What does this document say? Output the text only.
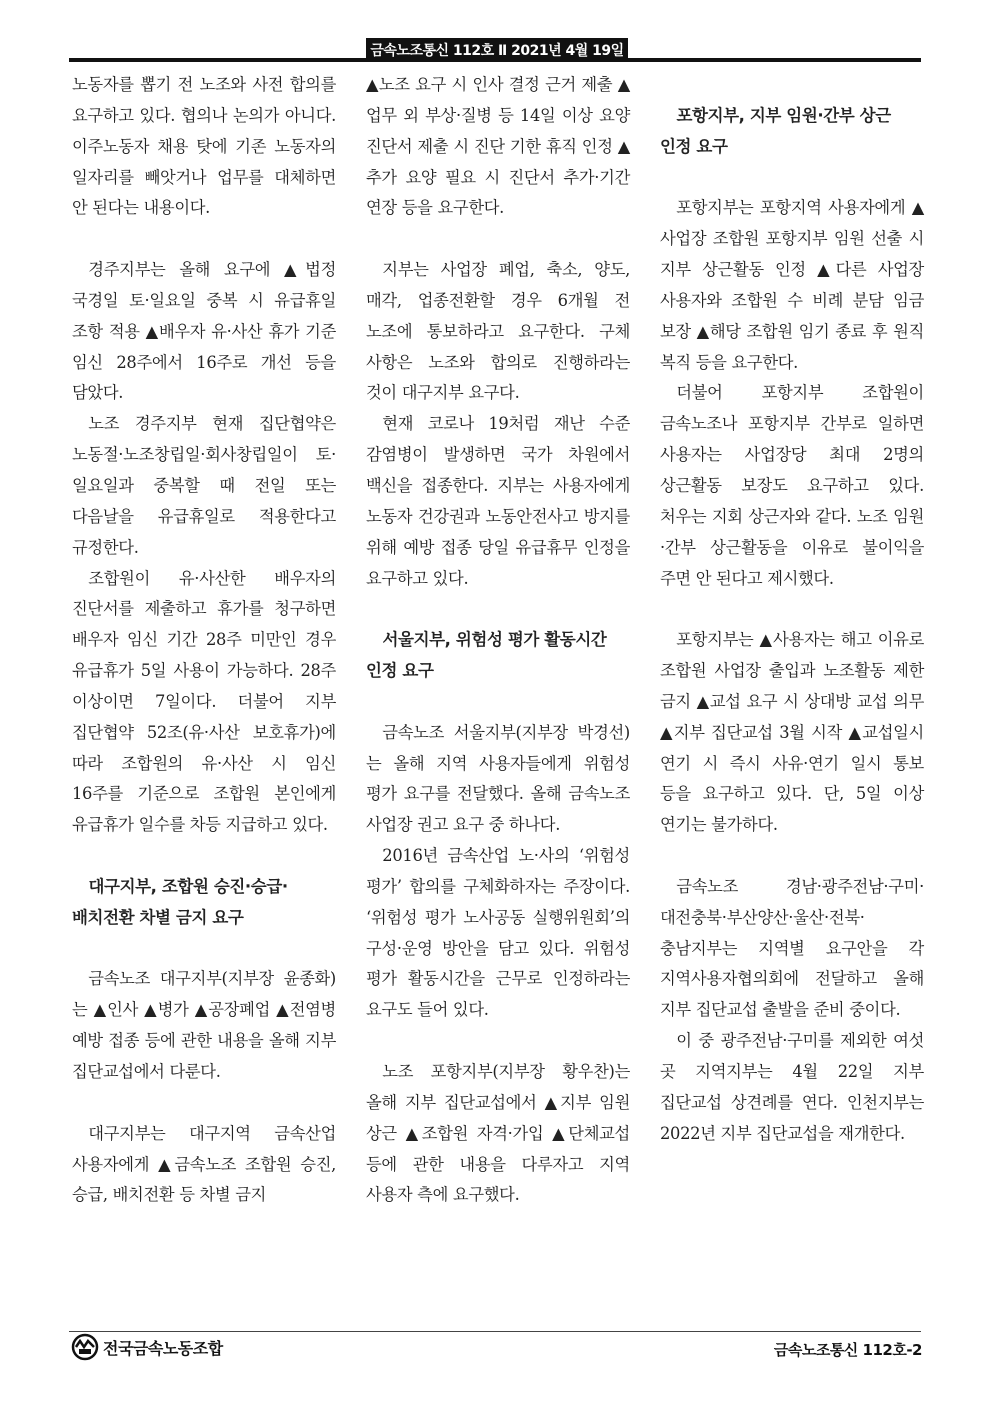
금속노조통신 112호 Ⅱ 2021년 4월 19일

노동자를 뽑기 전 노조와 사전 합의를 요구하고 있다. 협의나 논의가 아니다. 이주노동자 채용 탓에 기존 노동자의 일자리를 빼앗거나 업무를 대체하면 안 된다는 내용이다.

경주지부는 올해 요구에 ▲법정 국경일 토·일요일 중복 시 유급휴일 조항 적용 ▲배우자 유·사산 휴가 기준 임신 28주에서 16주로 개선 등을 담았다.

노조 경주지부 현재 집단협약은 노동절·노조창립일·회사창립일이 토·일요일과 중복할 때 전일 또는 다음날을 유급휴일로 적용한다고 규정한다.

조합원이 유·사산한 배우자의 진단서를 제출하고 휴가를 청구하면 배우자 임신 기간 28주 미만인 경우 유급휴가 5일 사용이 가능하다. 28주 이상이면 7일이다. 더불어 지부 집단협약 52조(유·사산 보호휴가)에 따라 조합원의 유·사산 시 임신 16주를 기준으로 조합원 본인에게 유급휴가 일수를 차등 지급하고 있다.

대구지부, 조합원 승진·승급·배치전환 차별 금지 요구

금속노조 대구지부(지부장 윤종화)는 ▲인사 ▲병가 ▲공장폐업 ▲전염병 예방 접종 등에 관한 내용을 올해 지부 집단교섭에서 다룬다.

대구지부는 대구지역 금속산업 사용자에게 ▲금속노조 조합원 승진, 승급, 배치전환 등 차별 금지

▲노조 요구 시 인사 결정 근거 제출 ▲업무 외 부상·질병 등 14일 이상 요양 진단서 제출 시 진단 기한 휴직 인정 ▲추가 요양 필요 시 진단서 추가·기간 연장 등을 요구한다.

지부는 사업장 폐업, 축소, 양도, 매각, 업종전환할 경우 6개월 전 노조에 통보하라고 요구한다. 구체 사항은 노조와 합의로 진행하라는 것이 대구지부 요구다.

현재 코로나 19처럼 재난 수준 감염병이 발생하면 국가 차원에서 백신을 접종한다. 지부는 사용자에게 노동자 건강권과 노동안전사고 방지를 위해 예방 접종 당일 유급휴무 인정을 요구하고 있다.

서울지부, 위험성 평가 활동시간 인정 요구

금속노조 서울지부(지부장 박경선)는 올해 지역 사용자들에게 위험성 평가 요구를 전달했다. 올해 금속노조 사업장 권고 요구 중 하나다.

2016년 금속산업 노·사의 ‘위험성 평가’ 합의를 구체화하자는 주장이다. ‘위험성 평가 노사공동 실행위원회’의 구성·운영 방안을 담고 있다. 위험성 평가 활동시간을 근무로 인정하라는 요구도 들어 있다.

노조 포항지부(지부장 황우찬)는 올해 지부 집단교섭에서 ▲지부 임원 상근 ▲조합원 자격·가입 ▲단체교섭 등에 관한 내용을 다루자고 지역 사용자 측에 요구했다.

포항지부, 지부 임원·간부 상근 인정 요구

포항지부는 포항지역 사용자에게 ▲사업장 조합원 포항지부 임원 선출 시 지부 상근활동 인정 ▲다른 사업장 사용자와 조합원 수 비례 분담 임금 보장 ▲해당 조합원 임기 종료 후 원직 복직 등을 요구한다.

더불어 포항지부 조합원이 금속노조나 포항지부 간부로 일하면 사용자는 사업장당 최대 2명의 상근활동 보장도 요구하고 있다. 처우는 지회 상근자와 같다. 노조 임원·간부 상근활동을 이유로 불이익을 주면 안 된다고 제시했다.

포항지부는 ▲사용자는 해고 이유로 조합원 사업장 출입과 노조활동 제한 금지 ▲교섭 요구 시 상대방 교섭 의무 ▲지부 집단교섭 3월 시작 ▲교섭일시 연기 시 즉시 사유·연기 일시 통보 등을 요구하고 있다. 단, 5일 이상 연기는 불가하다.

금속노조 경남·광주전남·구미·대전충북·부산양산·울산·전북·충남지부는 지역별 요구안을 각 지역사용자협의회에 전달하고 올해 지부 집단교섭 출발을 준비 중이다.

이 중 광주전남·구미를 제외한 여섯 곳 지역지부는 4월 22일 지부 집단교섭 상견례를 연다. 인천지부는 2022년 지부 집단교섭을 재개한다.

전국금속노동조합	금속노조통신 112호-2
